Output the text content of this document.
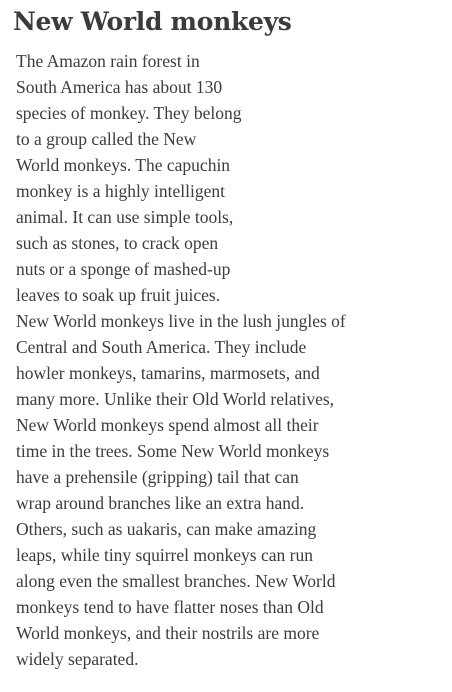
New World monkeys
The Amazon rain forest in
South America has about 130
species of monkey. They belong
to a group called the New
World monkeys. The capuchin
monkey is a highly intelligent
animal. It can use simple tools,
such as stones, to crack open
nuts or a sponge of mashed-up
leaves to soak up fruit juices.
New World monkeys live in the lush jungles of
Central and South America. They include
howler monkeys, tamarins, marmosets, and
many more. Unlike their Old World relatives,
New World monkeys spend almost all their
time in the trees. Some New World monkeys
have a prehensile (gripping) tail that can
wrap around branches like an extra hand.
Others, such as uakaris, can make amazing
leaps, while tiny squirrel monkeys can run
along even the smallest branches. New World
monkeys tend to have flatter noses than Old
World monkeys, and their nostrils are more
widely separated.
